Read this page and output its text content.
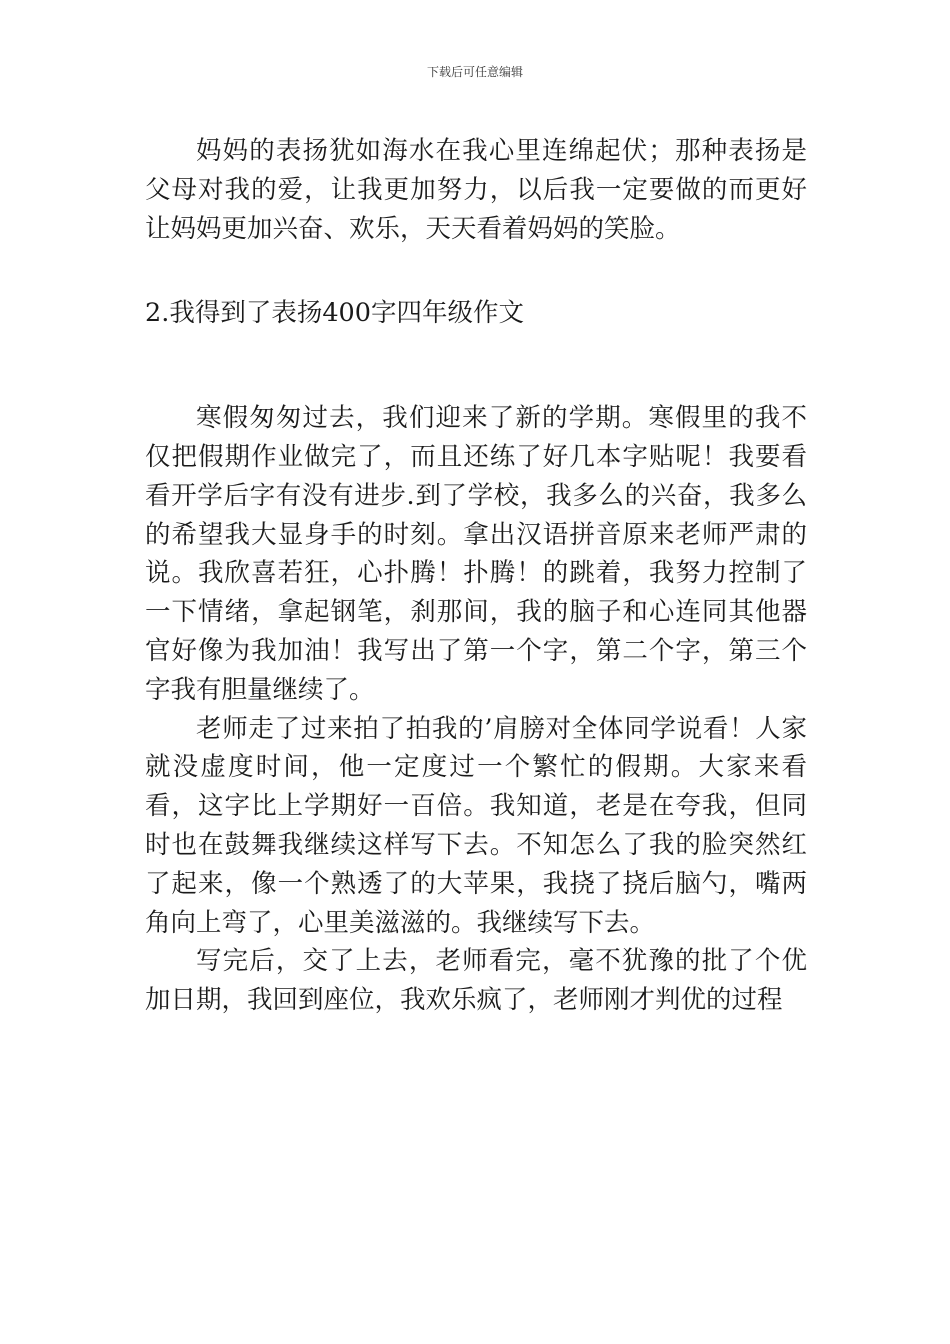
下载后可任意编辑

妈妈的表扬犹如海水在我心里连绵起伏；那种表扬是父母对我的爱，让我更加努力，以后我一定要做的而更好让妈妈更加兴奋、欢乐，天天看着妈妈的笑脸。

2.我得到了表扬400字四年级作文

寒假匆匆过去，我们迎来了新的学期。寒假里的我不仅把假期作业做完了，而且还练了好几本字贴呢！我要看看开学后字有没有进步.到了学校，我多么的兴奋，我多么的希望我大显身手的时刻。拿出汉语拼音原来老师严肃的说。我欣喜若狂，心扑腾！扑腾！的跳着，我努力控制了一下情绪，拿起钢笔，刹那间，我的脑子和心连同其他器官好像为我加油！我写出了第一个字，第二个字，第三个字我有胆量继续了。

老师走了过来拍了拍我的’肩膀对全体同学说看！人家就没虚度时间，他一定度过一个繁忙的假期。大家来看看，这字比上学期好一百倍。我知道，老是在夸我，但同时也在鼓舞我继续这样写下去。不知怎么了我的脸突然红了起来，像一个熟透了的大苹果，我挠了挠后脑勺，嘴两角向上弯了，心里美滋滋的。我继续写下去。

写完后，交了上去，老师看完，毫不犹豫的批了个优加日期，我回到座位，我欢乐疯了，老师刚才判优的过程
